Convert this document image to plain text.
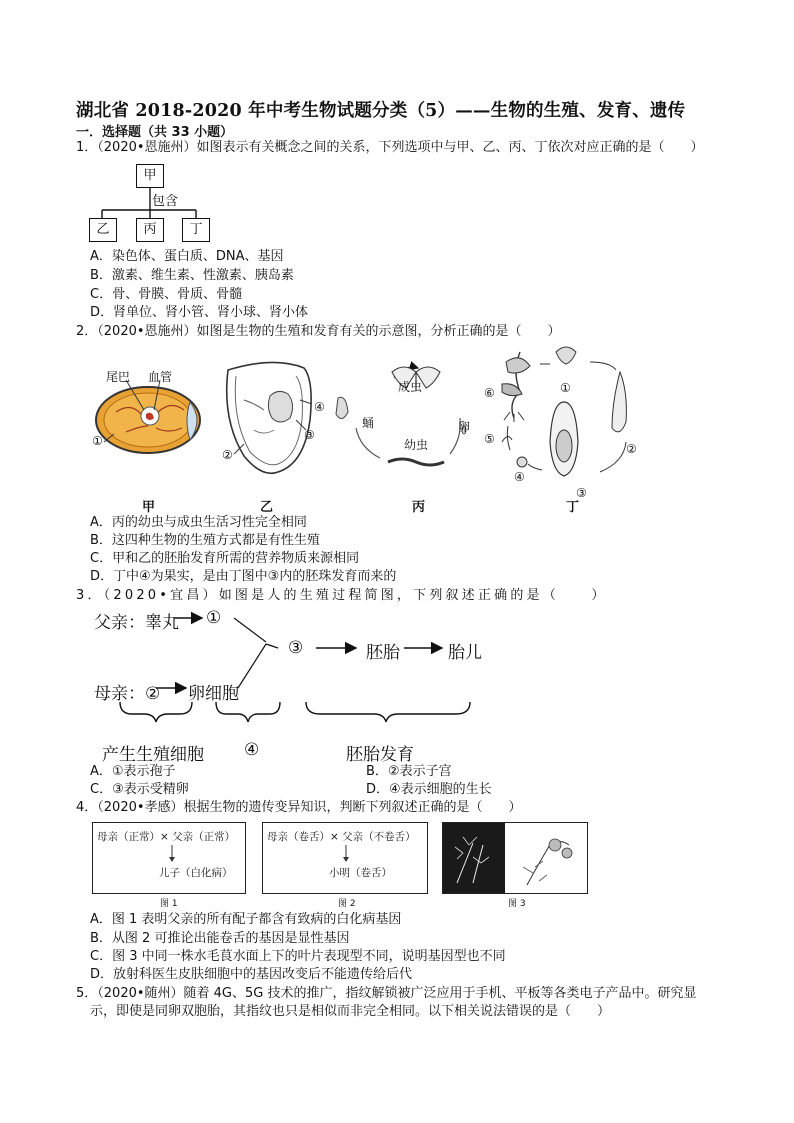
湖北省 2018-2020 年中考生物试题分类（5）——生物的生殖、发育、遗传
一．选择题（共 33 小题）
1．（2020•恩施州）如图表示有关概念之间的关系，下列选项中与甲、乙、丙、丁依次对应正确的是（　　）
甲
包含
乙	丙	丁
A．染色体、蛋白质、DNA、基因
B．激素、维生素、性激素、胰岛素
C．骨、骨膜、骨质、骨髓
D．肾单位、肾小管、肾小球、肾小体
2．（2020•恩施州）如图是生物的生殖和发育有关的示意图，分析正确的是（　　）
尾巴 血管
①
②
③
④
成虫
蛹	卵
幼虫
①
②
③
④
⑤
⑥
甲	乙	丙	丁
A．丙的幼虫与成虫生活习性完全相同
B．这四种生物的生殖方式都是有性生殖
C．甲和乙的胚胎发育所需的营养物质来源相同
D．丁中④为果实，是由丁图中③内的胚珠发育而来的
3．（2020•宜昌）如图是人的生殖过程简图，下列叙述正确的是（　　）
父亲：睾丸 ①
③	胚胎	胎儿
母亲：② 卵细胞
产生生殖细胞 ④	胚胎发育
A．①表示孢子	B．②表示子宫
C．③表示受精卵	D．④表示细胞的生长
4．（2020•孝感）根据生物的遗传变异知识，判断下列叙述正确的是（　　）
母亲（正常）× 父亲（正常）
儿子（白化病）
图 1
母亲（卷舌）× 父亲（不卷舌）
小明（卷舌）
图 2	图 3
A．图 1 表明父亲的所有配子都含有致病的白化病基因
B．从图 2 可推论出能卷舌的基因是显性基因
C．图 3 中同一株水毛茛水面上下的叶片表现型不同，说明基因型也不同
D．放射科医生皮肤细胞中的基因改变后不能遗传给后代
5．（2020•随州）随着 4G、5G 技术的推广，指纹解锁被广泛应用于手机、平板等各类电子产品中。研究显
示，即使是同卵双胞胎，其指纹也只是相似而非完全相同。以下相关说法错误的是（　　）
